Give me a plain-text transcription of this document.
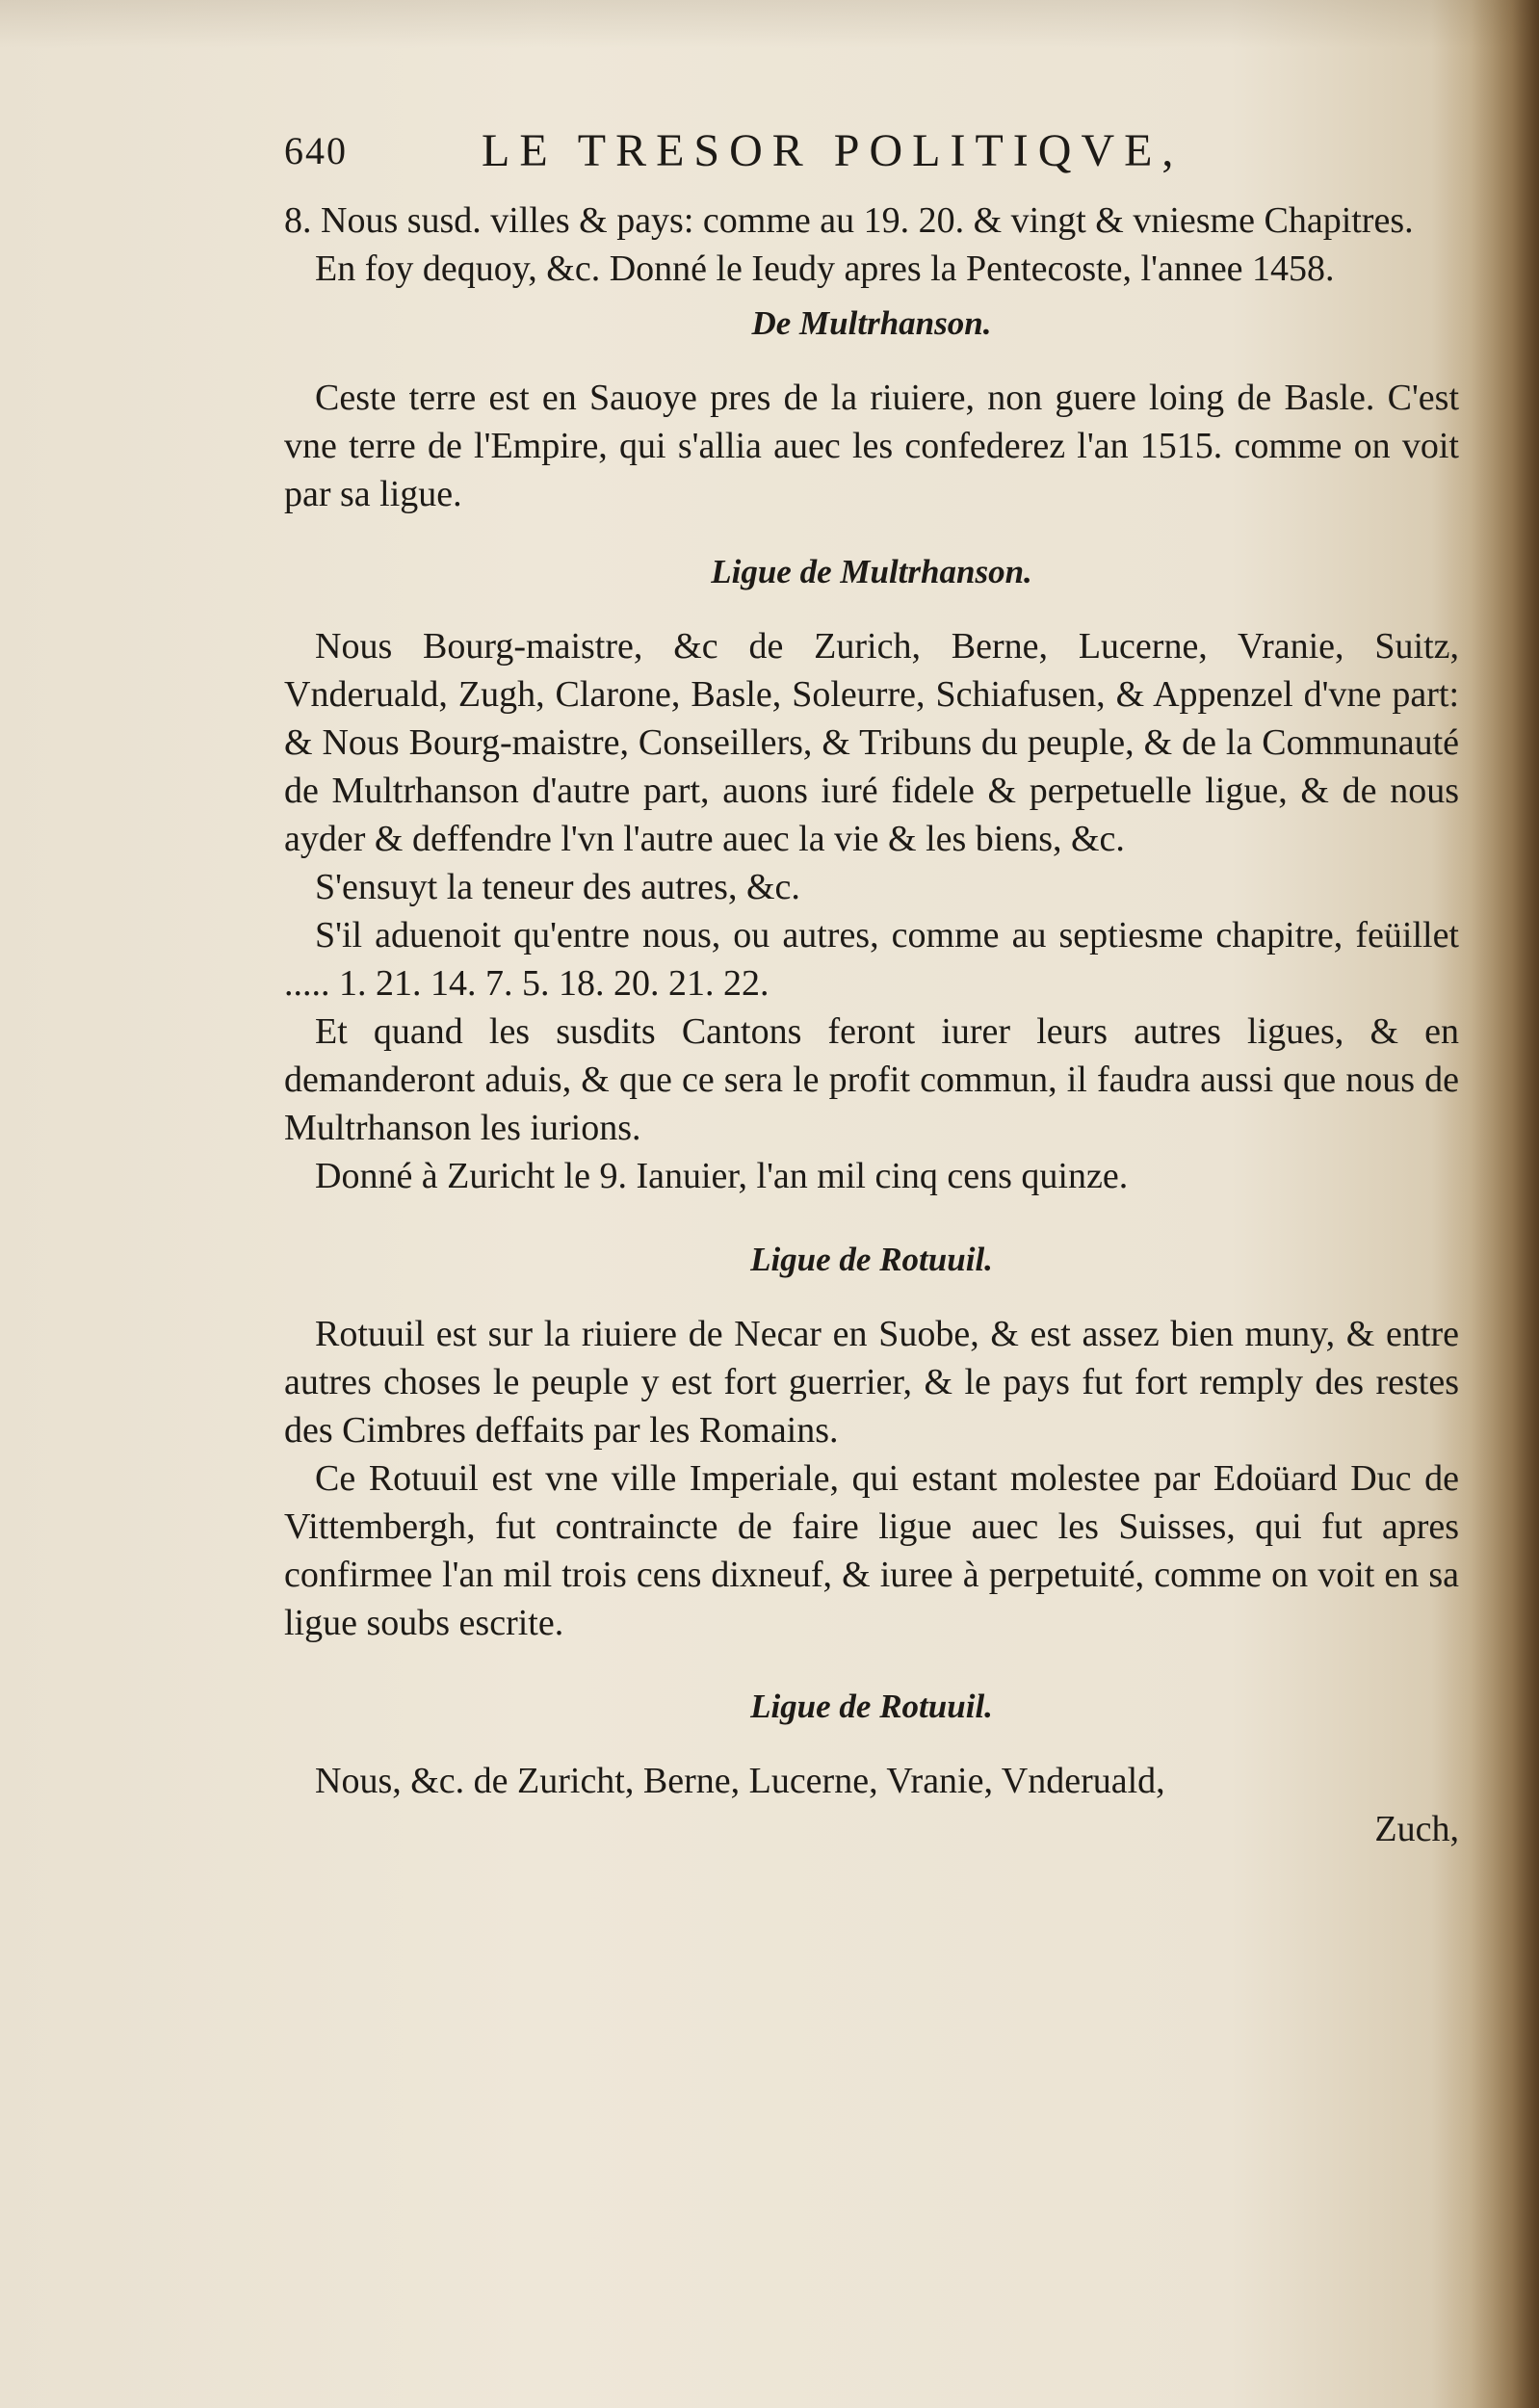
640	LE TRESOR POLITIQVE,

8. Nous susd. villes & pays: comme au 19. 20. & vingt & vniesme Chapitres.

En foy dequoy, &c. Donné le Ieudy apres la Pentecoste, l'annee 1458.

De Multrhanson.

Ceste terre est en Sauoye pres de la riuiere, non guere loing de Basle. C'est vne terre de l'Empire, qui s'allia auec les confederez l'an 1515. comme on voit par sa ligue.

Ligue de Multrhanson.

Nous Bourg-maistre, &c de Zurich, Berne, Lucerne, Vranie, Suitz, Vnderuald, Zugh, Clarone, Basle, Soleurre, Schiafusen, & Appenzel d'vne part: & Nous Bourg-maistre, Conseillers, & Tribuns du peuple, & de la Communauté de Multrhanson d'autre part, auons iuré fidele & perpetuelle ligue, & de nous ayder & deffendre l'vn l'autre auec la vie & les biens, &c.

S'ensuyt la teneur des autres, &c.

S'il aduenoit qu'entre nous, ou autres, comme au septiesme chapitre, feüillet ..... 1. 21. 14. 7. 5. 18. 20. 21. 22.

Et quand les susdits Cantons feront iurer leurs autres ligues, & en demanderont aduis, & que ce sera le profit commun, il faudra aussi que nous de Multrhanson les iurions.

Donné à Zuricht le 9. Ianuier, l'an mil cinq cens quinze.

Ligue de Rotuuil.

Rotuuil est sur la riuiere de Necar en Suobe, & est assez bien muny, & entre autres choses le peuple y est fort guerrier, & le pays fut fort remply des restes des Cimbres deffaits par les Romains.

Ce Rotuuil est vne ville Imperiale, qui estant molestee par Edoüard Duc de Vittembergh, fut contraincte de faire ligue auec les Suisses, qui fut apres confirmee l'an mil trois cens dixneuf, & iuree à perpetuité, comme on voit en sa ligue soubs escrite.

Ligue de Rotuuil.

Nous, &c. de Zuricht, Berne, Lucerne, Vranie, Vnderuald,

Zuch,
